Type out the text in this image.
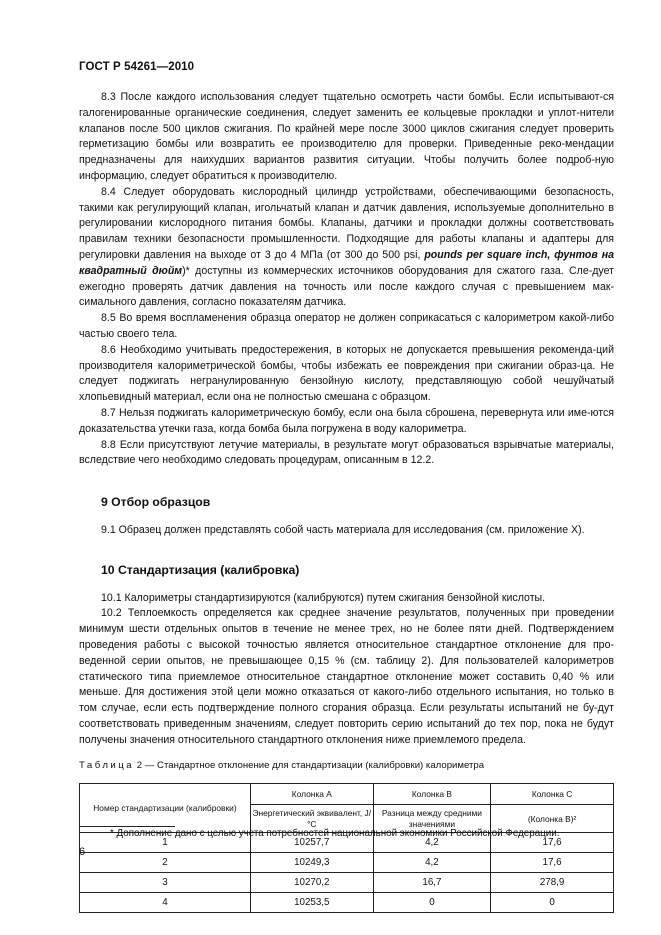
ГОСТ Р 54261—2010

8.3 После каждого использования следует тщательно осмотреть части бомбы. Если испытывают-ся галогенированные органические соединения, следует заменить ее кольцевые прокладки и уплот-нители клапанов после 500 циклов сжигания. По крайней мере после 3000 циклов сжигания следует проверить герметизацию бомбы или возвратить ее производителю для проверки. Приведенные реко-мендации предназначены для наихудших вариантов развития ситуации. Чтобы получить более подроб-ную информацию, следует обратиться к производителю.

8.4 Следует оборудовать кислородный цилиндр устройствами, обеспечивающими безопасность, такими как регулирующий клапан, игольчатый клапан и датчик давления, используемые дополнительно в регулировании кислородного питания бомбы. Клапаны, датчики и прокладки должны соответствовать правилам техники безопасности промышленности. Подходящие для работы клапаны и адаптеры для регулировки давления на выходе от 3 до 4 МПа (от 300 до 500 psi, pounds per square inch, фунтов на квадратный дюйм)* доступны из коммерческих источников оборудования для сжатого газа. Сле-дует ежегодно проверять датчик давления на точность или после каждого случая с превышением мак-симального давления, согласно показателям датчика.

8.5 Во время воспламенения образца оператор не должен соприкасаться с калориметром какой-либо частью своего тела.

8.6 Необходимо учитывать предостережения, в которых не допускается превышения рекоменда-ций производителя калориметрической бомбы, чтобы избежать ее повреждения при сжигании образ-ца. Не следует поджигать негранулированную бензойную кислоту, представляющую собой чешуйчатый хлопьевидный материал, если она не полностью смешана с образцом.

8.7 Нельзя поджигать калориметрическую бомбу, если она была сброшена, перевернута или име-ются доказательства утечки газа, когда бомба была погружена в воду калориметра.

8.8 Если присутствуют летучие материалы, в результате могут образоваться взрывчатые материалы, вследствие чего необходимо следовать процедурам, описанным в 12.2.

9 Отбор образцов

9.1 Образец должен представлять собой часть материала для исследования (см. приложение X).

10 Стандартизация (калибровка)

10.1 Калориметры стандартизируются (калибруются) путем сжигания бензойной кислоты.

10.2 Теплоемкость определяется как среднее значение результатов, полученных при проведении минимум шести отдельных опытов в течение не менее трех, но не более пяти дней. Подтверждением проведения работы с высокой точностью является относительное стандартное отклонение для про-веденной серии опытов, не превышающее 0,15 % (см. таблицу 2). Для пользователей калориметров статического типа приемлемое относительное стандартное отклонение может составить 0,40 % или меньше. Для достижения этой цели можно отказаться от какого-либо отдельного испытания, но только в том случае, если есть подтверждение полного сгорания образца. Если результаты испытаний не бу-дут соответствовать приведенным значениям, следует повторить серию испытаний до тех пор, пока не будут получены значения относительного стандартного отклонения ниже приемлемого предела.

Таблица 2 — Стандартное отклонение для стандартизации (калибровки) калориметра
Номер стандартизации (калибровки)	Колонка A	Колонка B	Колонка C
	Энергетический эквивалент, J/°C	Разница между средними значениями	(Колонка B)²
1	10257,7	4,2	17,6
2	10249,3	4,2	17,6
3	10270,2	16,7	278,9
4	10253,5	0	0
* Дополнение дано с целью учета потребностей национальной экономики Российской Федерации.
6
